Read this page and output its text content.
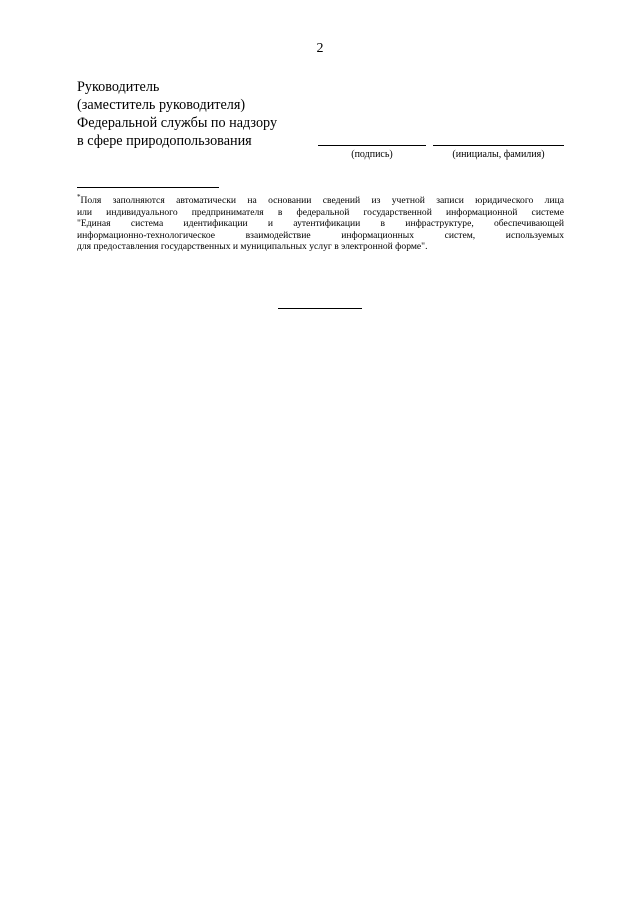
2
Руководитель
(заместитель руководителя)
Федеральной службы по надзору
в сфере природопользования
(подпись)	(инициалы, фамилия)
*Поля заполняются автоматически на основании сведений из учетной записи юридического лица
или индивидуального предпринимателя в федеральной государственной информационной системе
"Единая система идентификации и аутентификации в инфраструктуре, обеспечивающей
информационно-технологическое взаимодействие информационных систем, используемых
для предоставления государственных и муниципальных услуг в электронной форме".
